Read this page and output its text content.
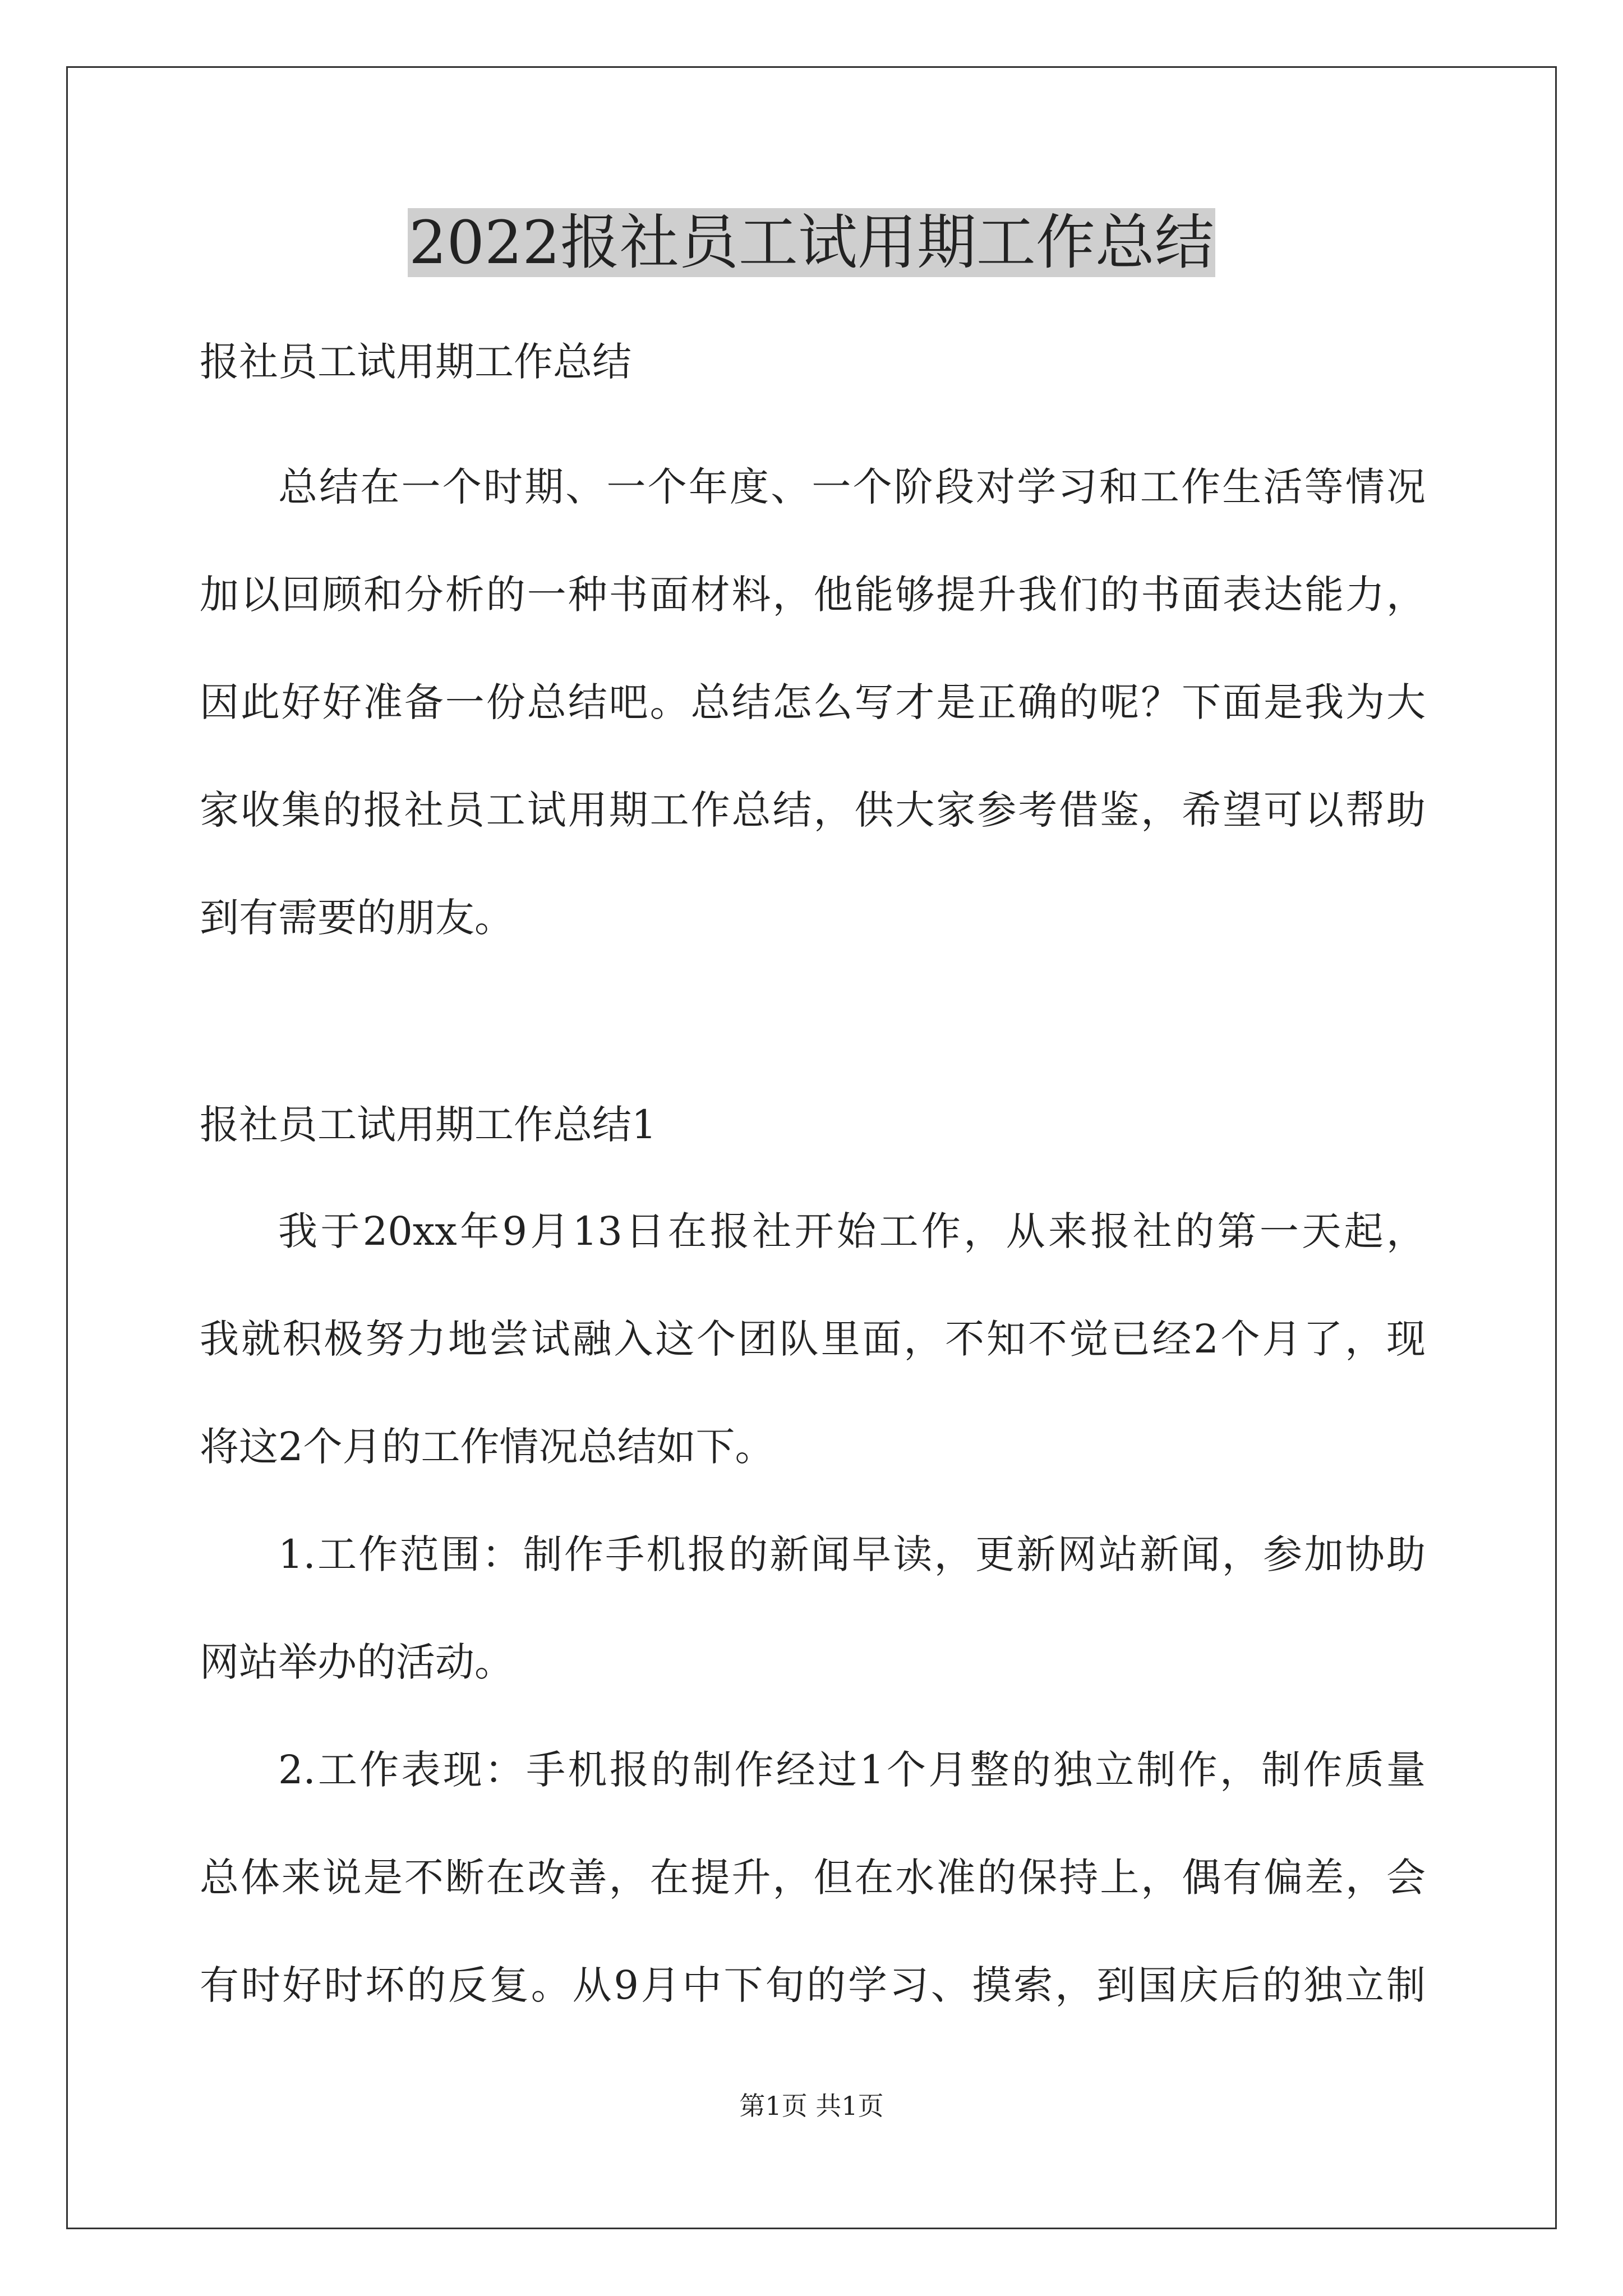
2022报社员工试用期工作总结
报社员工试用期工作总结
总结在一个时期、一个年度、一个阶段对学习和工作生活等情况
加以回顾和分析的一种书面材料，他能够提升我们的书面表达能力，
因此好好准备一份总结吧。总结怎么写才是正确的呢？下面是我为大
家收集的报社员工试用期工作总结，供大家参考借鉴，希望可以帮助
到有需要的朋友。
报社员工试用期工作总结1
我于20xx年9月13日在报社开始工作，从来报社的第一天起，
我就积极努力地尝试融入这个团队里面，不知不觉已经2个月了，现
将这2个月的工作情况总结如下。
1.工作范围：制作手机报的新闻早读，更新网站新闻，参加协助
网站举办的活动。
2.工作表现：手机报的制作经过1个月整的独立制作，制作质量
总体来说是不断在改善，在提升，但在水准的保持上，偶有偏差，会
有时好时坏的反复。从9月中下旬的学习、摸索，到国庆后的独立制
第1页 共1页
